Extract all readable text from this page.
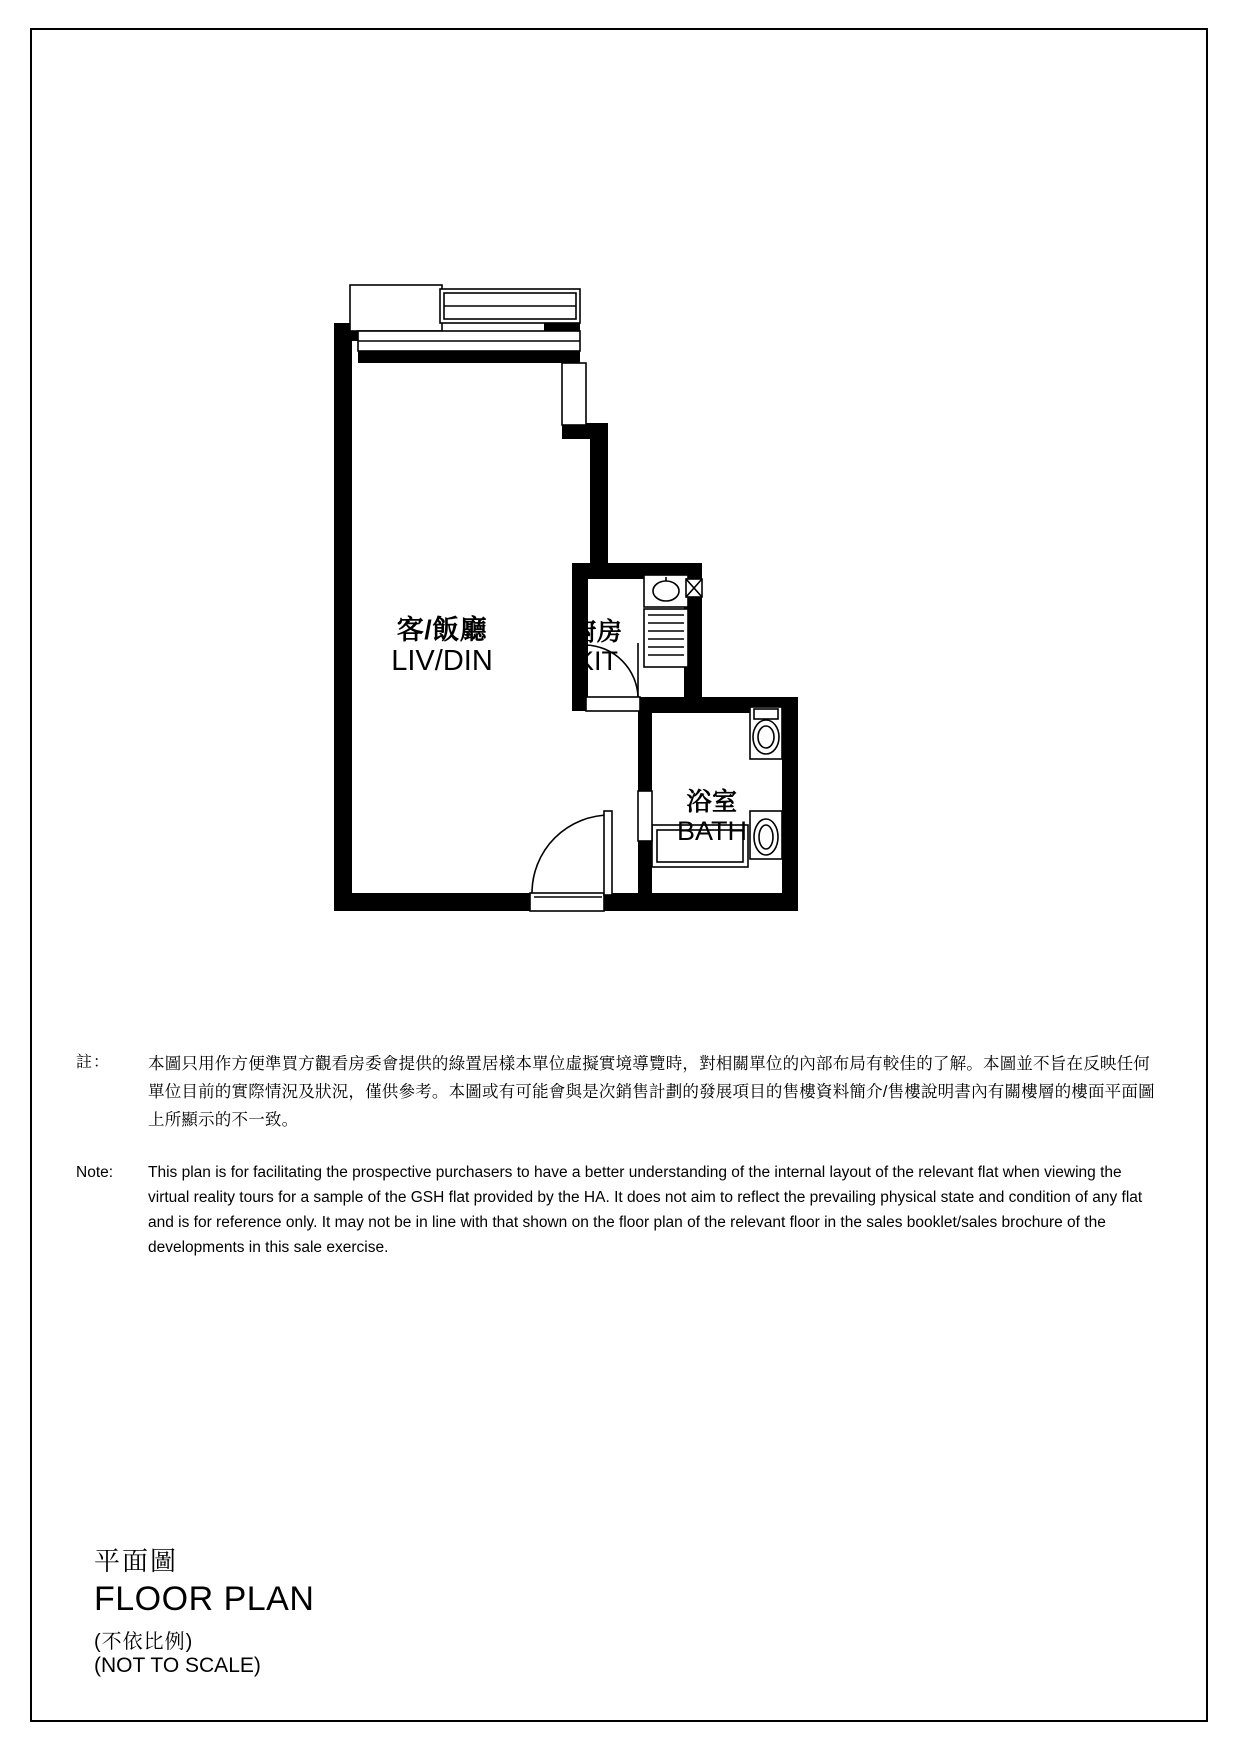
客/飯廳
LIV/DIN
廚房
KIT
浴室
BATH
註：	本圖只用作方便準買方觀看房委會提供的綠置居樣本單位虛擬實境導覽時，對相關單位的內部布局有較佳的了解。本圖並不旨在反映任何單位目前的實際情況及狀況，僅供參考。本圖或有可能會與是次銷售計劃的發展項目的售樓資料簡介/售樓說明書內有關樓層的樓面平面圖上所顯示的不一致。
Note:	This plan is for facilitating the prospective purchasers to have a better understanding of the internal layout of the relevant flat when viewing the virtual reality tours for a sample of the GSH flat provided by the HA. It does not aim to reflect the prevailing physical state and condition of any flat and is for reference only. It may not be in line with that shown on the floor plan of the relevant floor in the sales booklet/sales brochure of the developments in this sale exercise.
平面圖
FLOOR PLAN
(不依比例)
(NOT TO SCALE)
